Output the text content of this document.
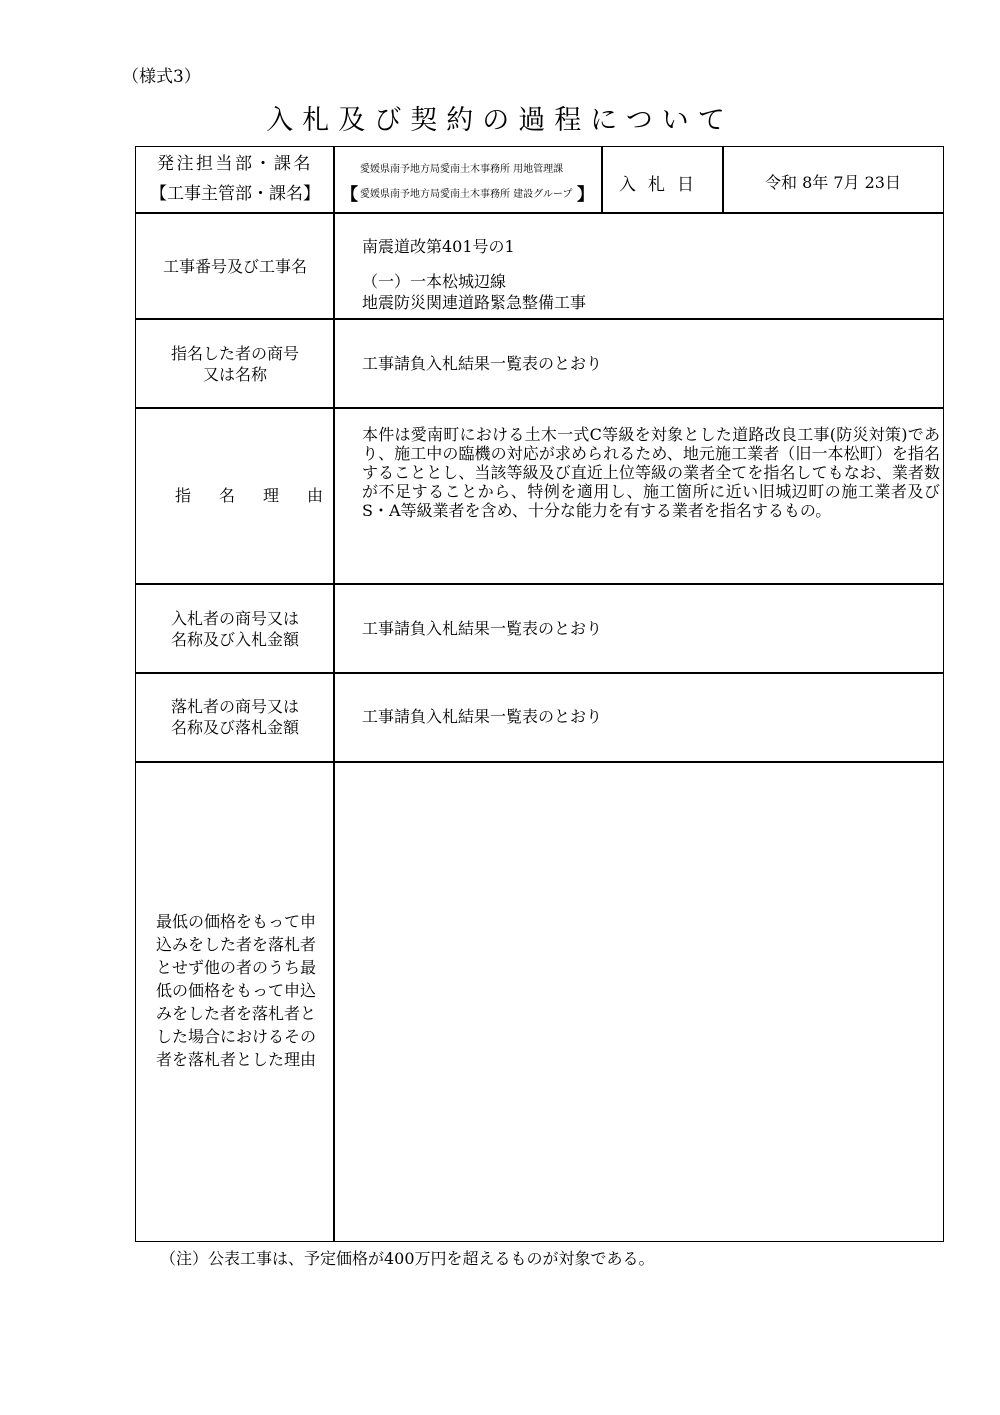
（様式3）
入札及び契約の過程について
発注担当部・課名
【工事主管部・課名】
愛媛県南予地方局愛南土木事務所 用地管理課
【 愛媛県南予地方局愛南土木事務所 建設グループ 】	入札日	令和 8年 7月 23日
工事番号及び工事名
南震道改第401号の1
（一）一本松城辺線
地震防災関連道路緊急整備工事
指名した者の商号
又は名称
工事請負入札結果一覧表のとおり
指名理由
本件は愛南町における土木一式C等級を対象とした道路改良工事(防災対策)であり、施工中の臨機の対応が求められるため、地元施工業者（旧一本松町）を指名することとし、当該等級及び直近上位等級の業者全てを指名してもなお、業者数が不足することから、特例を適用し、施工箇所に近い旧城辺町の施工業者及びS・A等級業者を含め、十分な能力を有する業者を指名するもの。
入札者の商号又は
名称及び入札金額
工事請負入札結果一覧表のとおり
落札者の商号又は
名称及び落札金額
工事請負入札結果一覧表のとおり
最低の価格をもって申込みをした者を落札者とせず他の者のうち最低の価格をもって申込みをした者を落札者とした場合におけるその者を落札者とした理由
（注）公表工事は、予定価格が400万円を超えるものが対象である。
